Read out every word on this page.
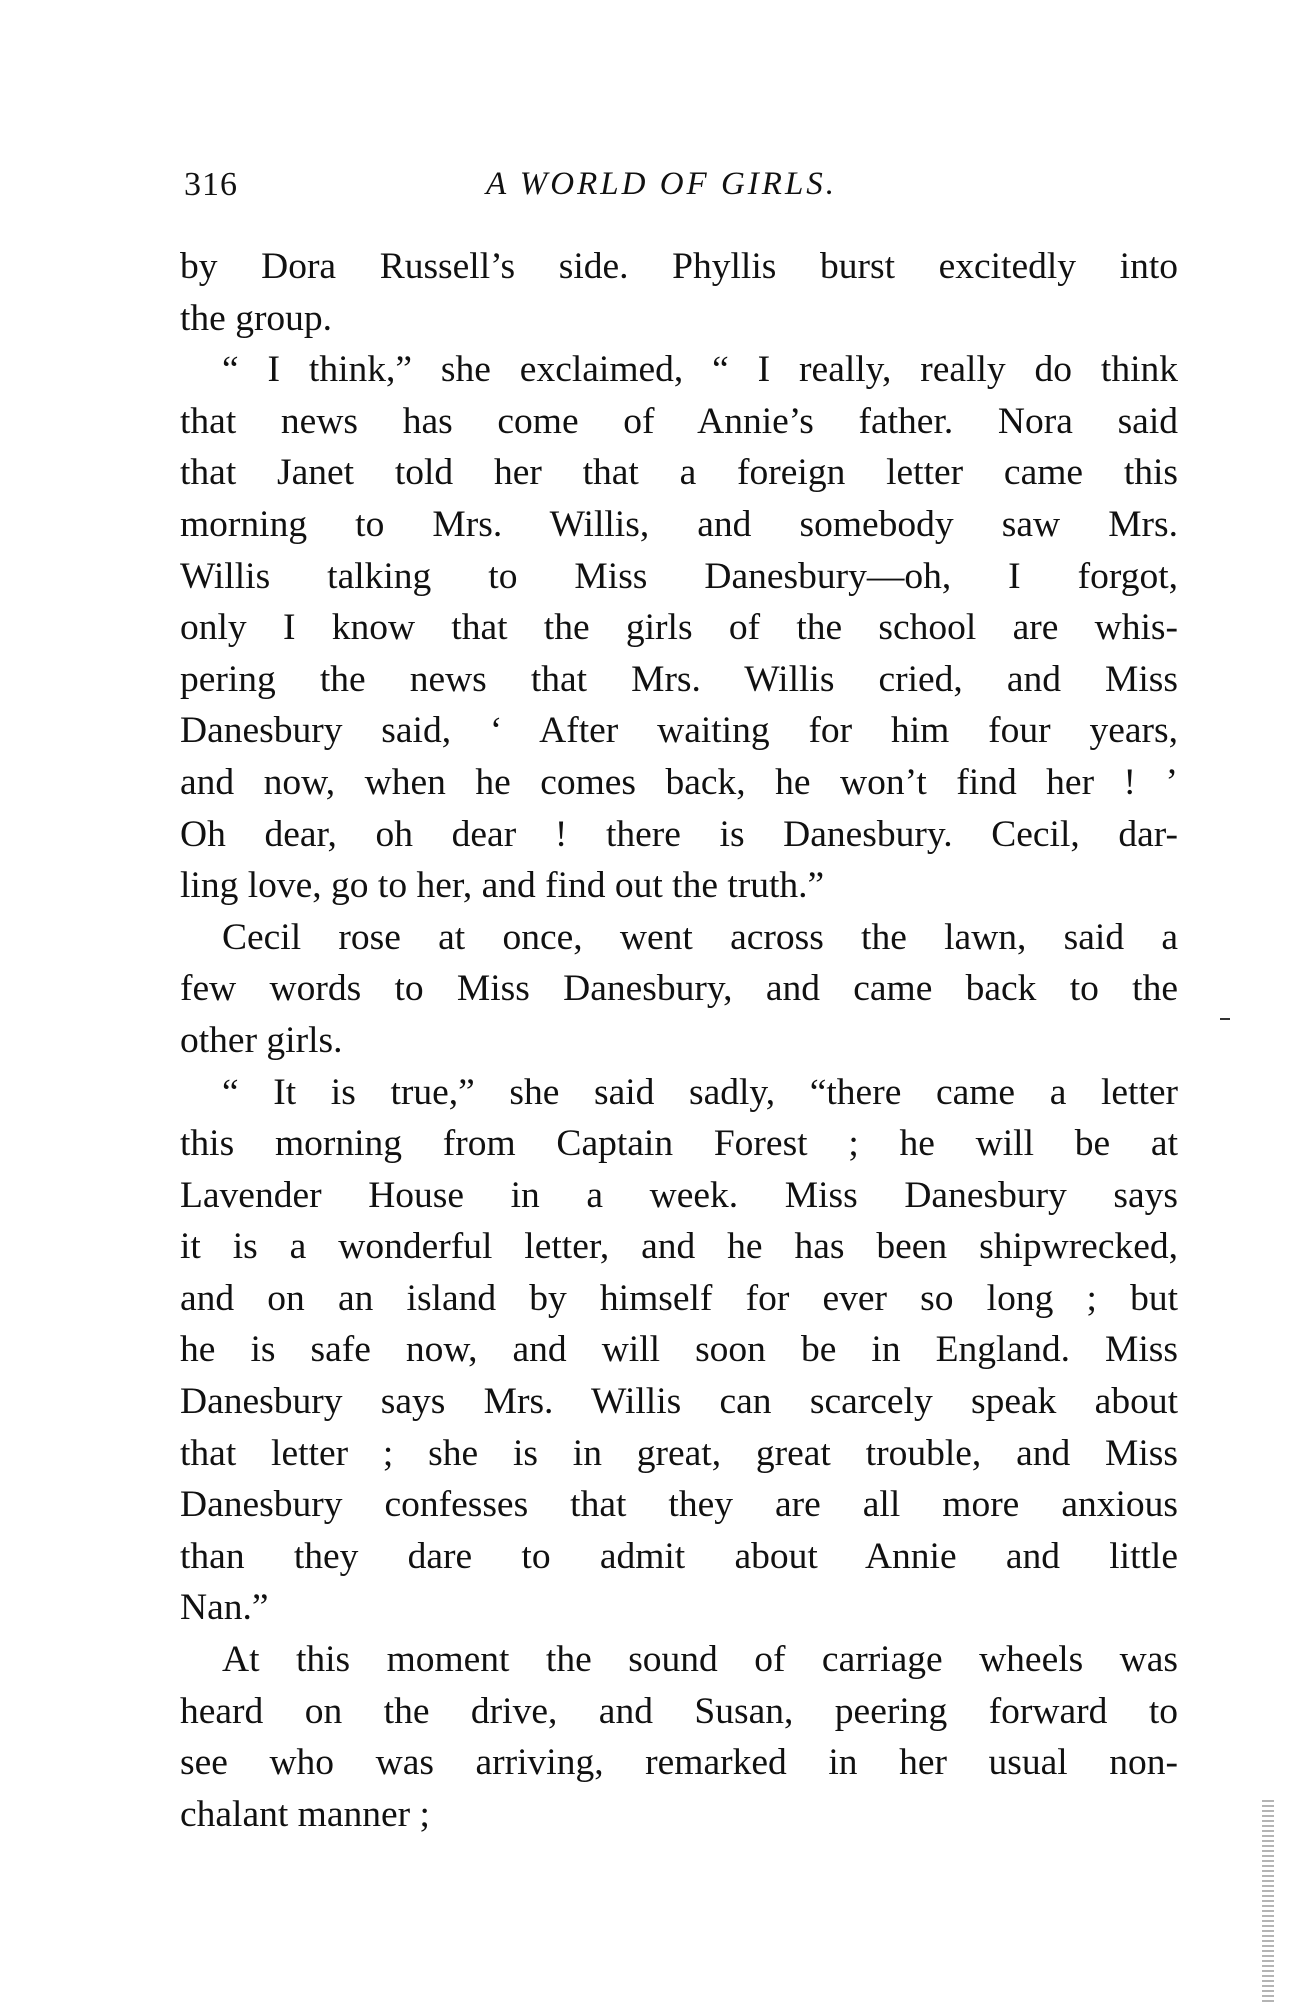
316	A WORLD OF GIRLS.
by Dora Russell’s side. Phyllis burst excitedly into
the group.
“ I think,” she exclaimed, “ I really, really do think
that news has come of Annie’s father. Nora said
that Janet told her that a foreign letter came this
morning to Mrs. Willis, and somebody saw Mrs.
Willis talking to Miss Danesbury—oh, I forgot,
only I know that the girls of the school are whis-
pering the news that Mrs. Willis cried, and Miss
Danesbury said, ‘ After waiting for him four years,
and now, when he comes back, he won’t find her ! ’
Oh dear, oh dear ! there is Danesbury. Cecil, dar-
ling love, go to her, and find out the truth.”
Cecil rose at once, went across the lawn, said a
few words to Miss Danesbury, and came back to the
other girls.
“ It is true,” she said sadly, “there came a letter
this morning from Captain Forest ; he will be at
Lavender House in a week. Miss Danesbury says
it is a wonderful letter, and he has been shipwrecked,
and on an island by himself for ever so long ; but
he is safe now, and will soon be in England. Miss
Danesbury says Mrs. Willis can scarcely speak about
that letter ; she is in great, great trouble, and Miss
Danesbury confesses that they are all more anxious
than they dare to admit about Annie and little
Nan.”
At this moment the sound of carriage wheels was
heard on the drive, and Susan, peering forward to
see who was arriving, remarked in her usual non-
chalant manner ;
